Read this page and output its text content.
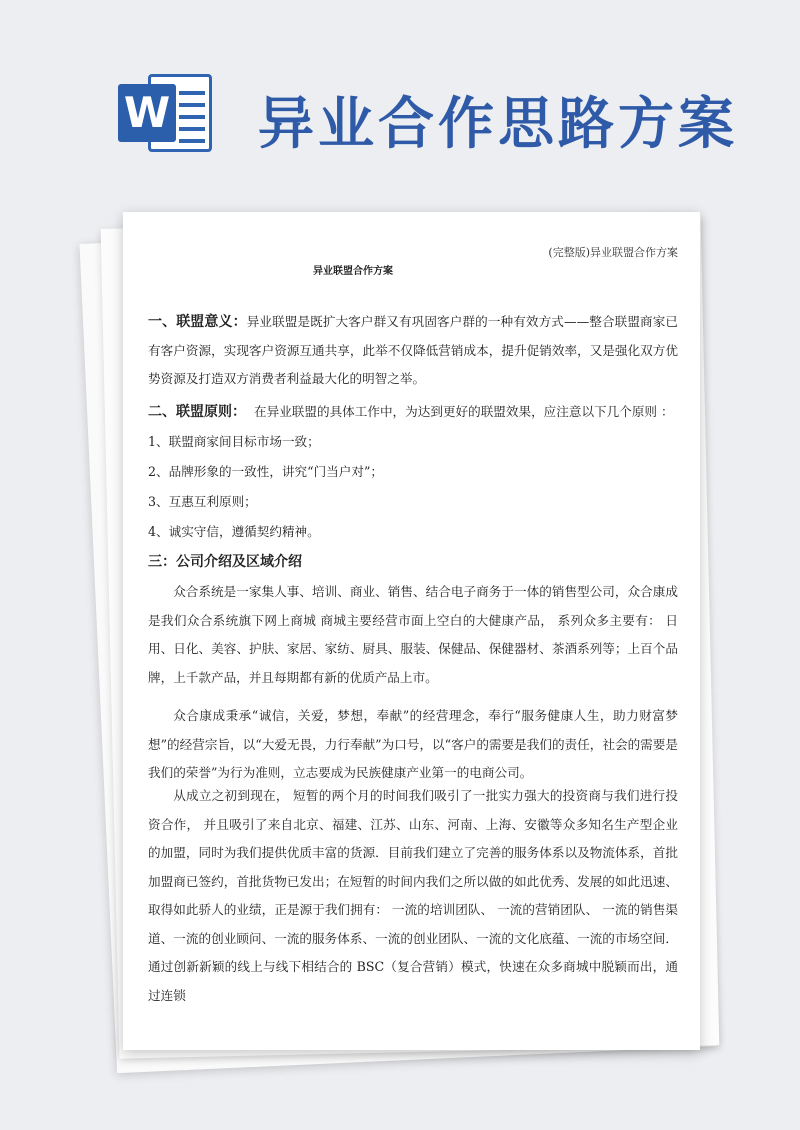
W 异业合作思路方案
(完整版)异业联盟合作方案
异业联盟合作方案
一、联盟意义：异业联盟是既扩大客户群又有巩固客户群的一种有效方式——整合联盟商家已有客户资源，实现客户资源互通共享，此举不仅降低营销成本，提升促销效率，又是强化双方优势资源及打造双方消费者利益最大化的明智之举。
二、联盟原则： 在异业联盟的具体工作中，为达到更好的联盟效果，应注意以下几个原则 ：
1、联盟商家间目标市场一致；
2、品牌形象的一致性，讲究“门当户对”；
3、互惠互利原则；
4、诚实守信，遵循契约精神。
三：公司介绍及区域介绍
众合系统是一家集人事、培训、商业、销售、结合电子商务于一体的销售型公司，众合康成是我们众合系统旗下网上商城 商城主要经营市面上空白的大健康产品， 系列众多主要有： 日用、日化、美容、护肤、家居、家纺、厨具、服装、保健品、保健器材、茶酒系列等；上百个品牌，上千款产品，并且每期都有新的优质产品上市。
众合康成秉承“诚信，关爱，梦想，奉献”的经营理念，奉行“服务健康人生，助力财富梦想”的经营宗旨，以“大爱无畏，力行奉献”为口号，以“客户的需要是我们的责任，社会的需要是我们的荣誉”为行为准则，立志要成为民族健康产业第一的电商公司。
从成立之初到现在， 短暂的两个月的时间我们吸引了一批实力强大的投资商与我们进行投资合作， 并且吸引了来自北京、福建、江苏、山东、河南、上海、安徽等众多知名生产型企业的加盟，同时为我们提供优质丰富的货源．目前我们建立了完善的服务体系以及物流体系，首批加盟商已签约，首批货物已发出；在短暂的时间内我们之所以做的如此优秀、发展的如此迅速、取得如此骄人的业绩，正是源于我们拥有： 一流的培训团队、 一流的营销团队、 一流的销售渠道、一流的创业顾问、一流的服务体系、一流的创业团队、一流的文化底蕴、一流的市场空间．通过创新新颖的线上与线下相结合的 BSC（复合营销）模式，快速在众多商城中脱颖而出，通过连锁
